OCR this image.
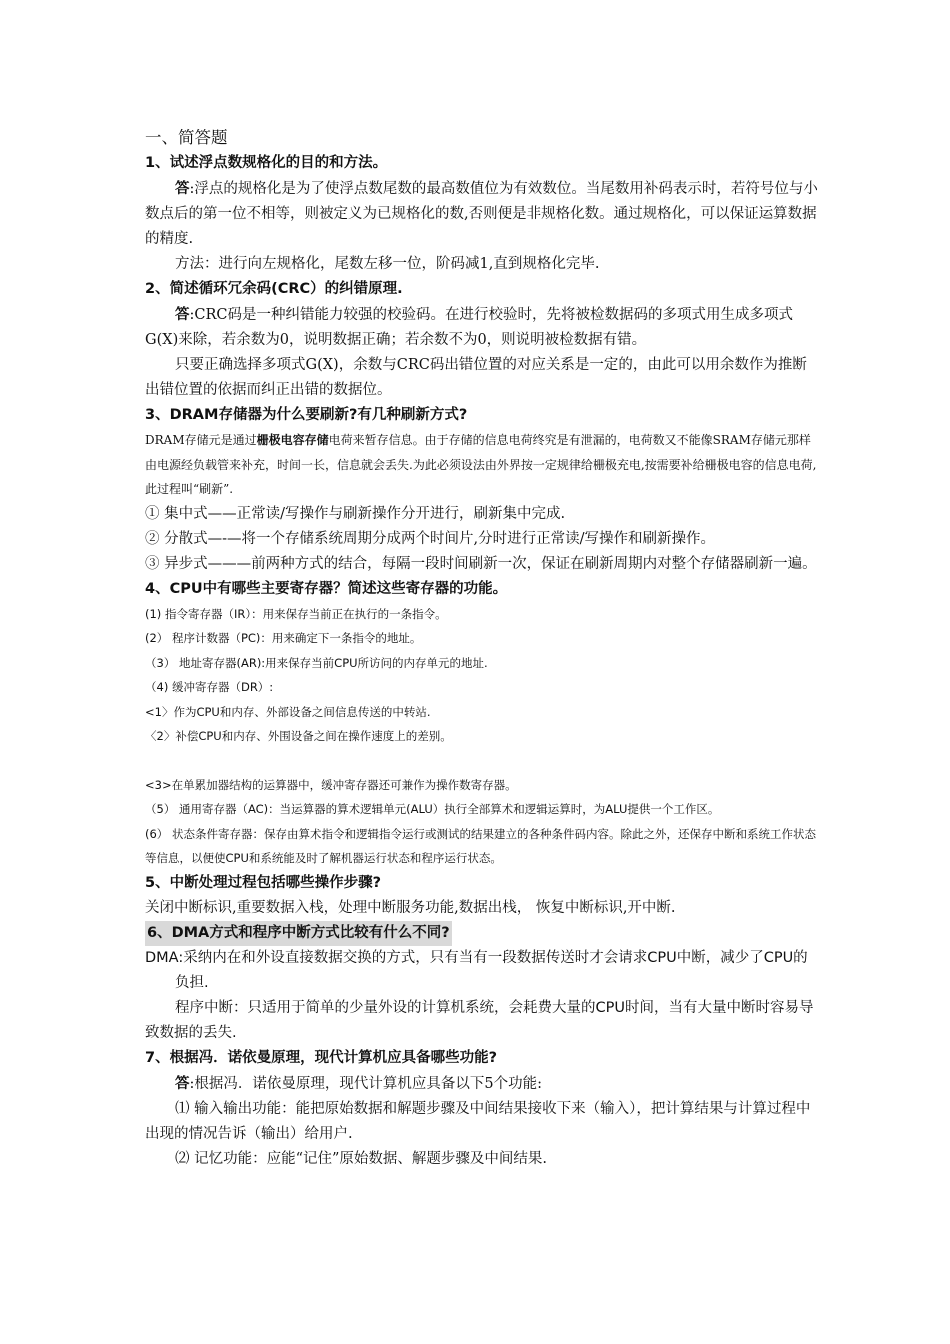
一、简答题

1、试述浮点数规格化的目的和方法。

答:浮点的规格化是为了使浮点数尾数的最高数值位为有效数位。当尾数用补码表示时，若符号位与小数点后的第一位不相等，则被定义为已规格化的数,否则便是非规格化数。通过规格化，可以保证运算数据的精度.

方法：进行向左规格化，尾数左移一位，阶码减1,直到规格化完毕.

2、简述循环冗余码(CRC）的纠错原理.

答:CRC码是一种纠错能力较强的校验码。在进行校验时，先将被检数据码的多项式用生成多项式G(X)来除，若余数为0，说明数据正确；若余数不为0，则说明被检数据有错。

只要正确选择多项式G(X)，余数与CRC码出错位置的对应关系是一定的，由此可以用余数作为推断出错位置的依据而纠正出错的数据位。

3、DRAM存储器为什么要刷新?有几种刷新方式?

DRAM存储元是通过栅极电容存储电荷来暂存信息。由于存储的信息电荷终究是有泄漏的，电荷数又不能像SRAM存储元那样由电源经负载管来补充，时间一长，信息就会丢失.为此必须设法由外界按一定规律给栅极充电,按需要补给栅极电容的信息电荷,此过程叫“刷新”.

① 集中式——正常读/写操作与刷新操作分开进行，刷新集中完成.

② 分散式—-—将一个存储系统周期分成两个时间片,分时进行正常读/写操作和刷新操作。

③ 异步式———前两种方式的结合，每隔一段时间刷新一次，保证在刷新周期内对整个存储器刷新一遍。

4、CPU中有哪些主要寄存器？简述这些寄存器的功能。

(1) 指令寄存器（IR）：用来保存当前正在执行的一条指令。

(2） 程序计数器（PC)：用来确定下一条指令的地址。

（3） 地址寄存器(AR):用来保存当前CPU所访问的内存单元的地址.

（4) 缓冲寄存器（DR）:

<1〉作为CPU和内存、外部设备之间信息传送的中转站.

〈2〉补偿CPU和内存、外围设备之间在操作速度上的差别。

<3>在单累加器结构的运算器中，缓冲寄存器还可兼作为操作数寄存器。

（5） 通用寄存器（AC)：当运算器的算术逻辑单元(ALU）执行全部算术和逻辑运算时，为ALU提供一个工作区。

(6） 状态条件寄存器：保存由算术指令和逻辑指令运行或测试的结果建立的各种条件码内容。除此之外，还保存中断和系统工作状态等信息，以便使CPU和系统能及时了解机器运行状态和程序运行状态。

5、中断处理过程包括哪些操作步骤?

关闭中断标识,重要数据入栈，处理中断服务功能,数据出栈， 恢复中断标识,开中断.

6、DMA方式和程序中断方式比较有什么不同?

DMA:采纳内在和外设直接数据交换的方式，只有当有一段数据传送时才会请求CPU中断，减少了CPU的负担.

程序中断：只适用于简单的少量外设的计算机系统，会耗费大量的CPU时间，当有大量中断时容易导致数据的丢失.

7、根据冯．诺依曼原理，现代计算机应具备哪些功能?

答:根据冯．诺依曼原理，现代计算机应具备以下5个功能:

⑴ 输入输出功能：能把原始数据和解题步骤及中间结果接收下来（输入），把计算结果与计算过程中出现的情况告诉（输出）给用户.

⑵ 记忆功能：应能“记住”原始数据、解题步骤及中间结果.
